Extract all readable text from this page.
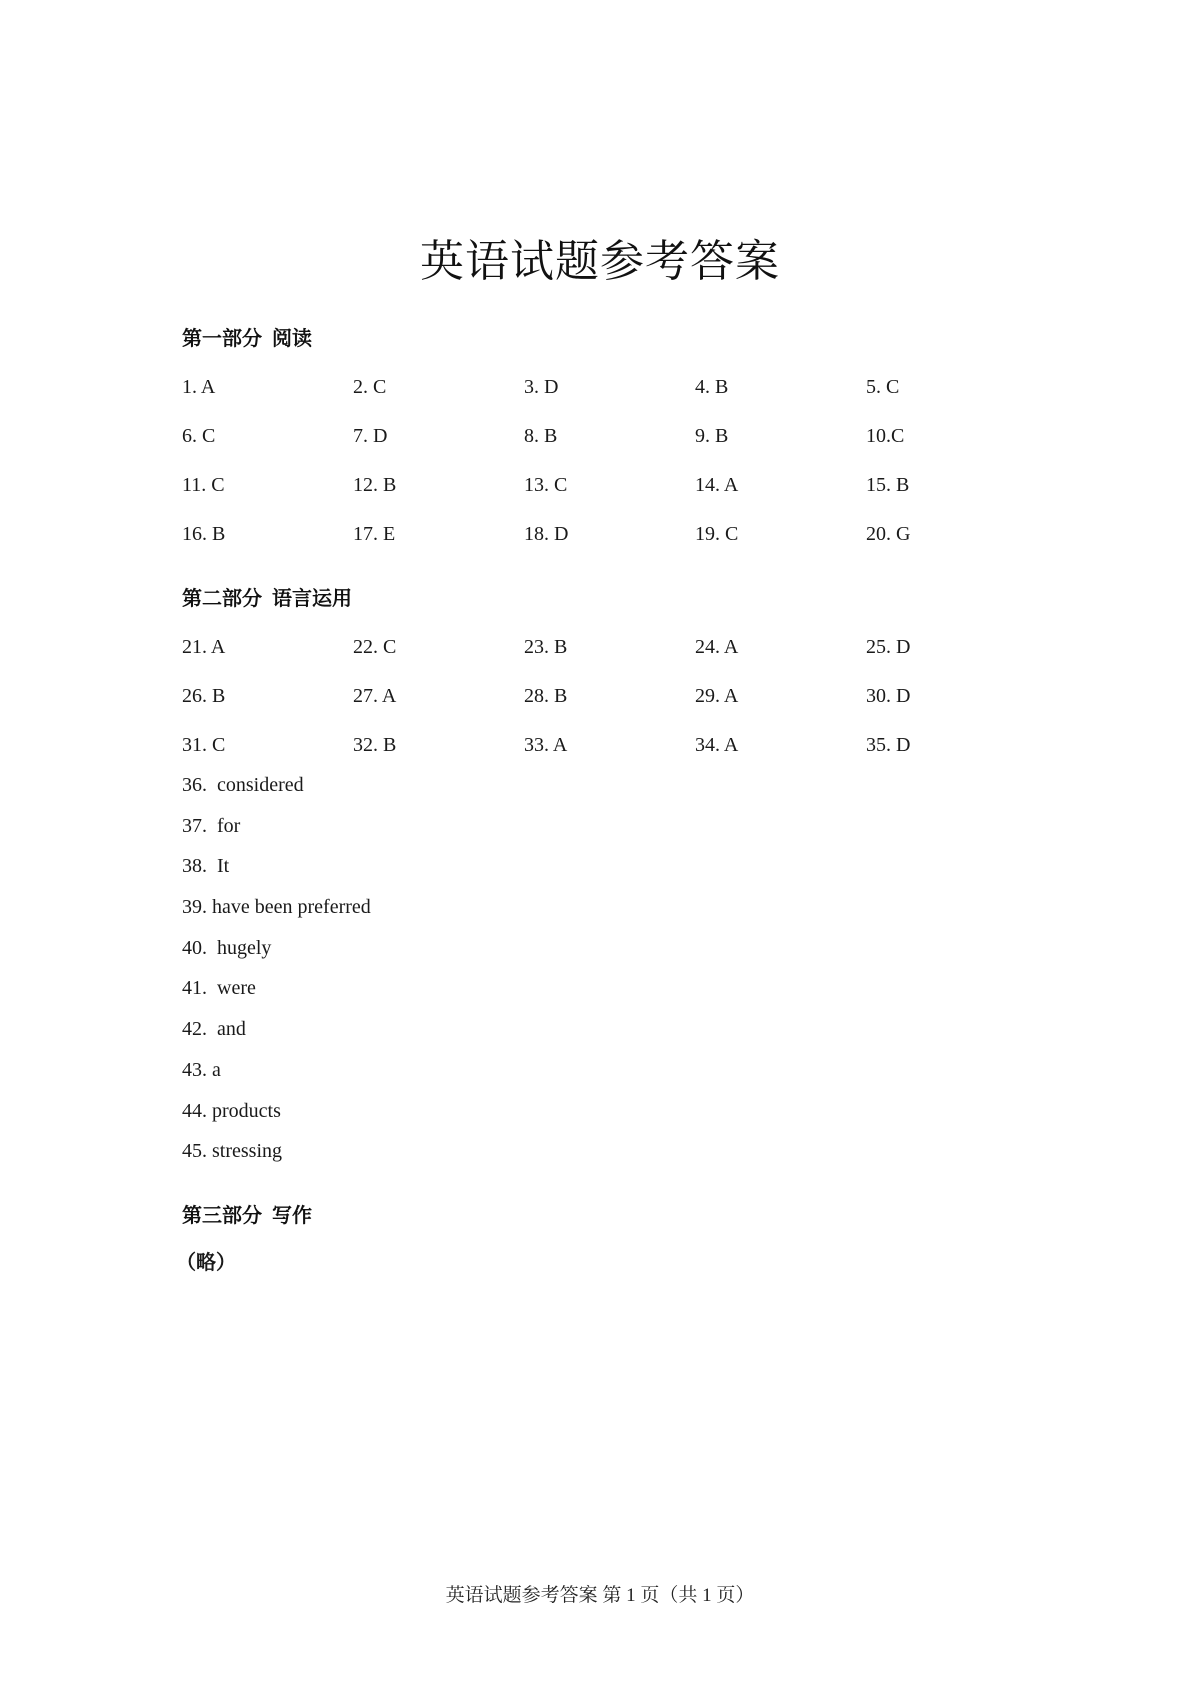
英语试题参考答案
第一部分 阅读
1. A	2. C	3. D	4. B	5. C
6. C	7. D	8. B	9. B	10.C
11. C	12. B	13. C	14. A	15. B
16. B	17. E	18. D	19. C	20. G
第二部分 语言运用
21. A	22. C	23. B	24. A	25. D
26. B	27. A	28. B	29. A	30. D
31. C	32. B	33. A	34. A	35. D
36.  considered
37.  for
38.  It
39. have been preferred
40.  hugely
41.  were
42.  and
43. a
44. products
45. stressing
第三部分 写作
（略）
英语试题参考答案 第 1 页（共 1 页）
